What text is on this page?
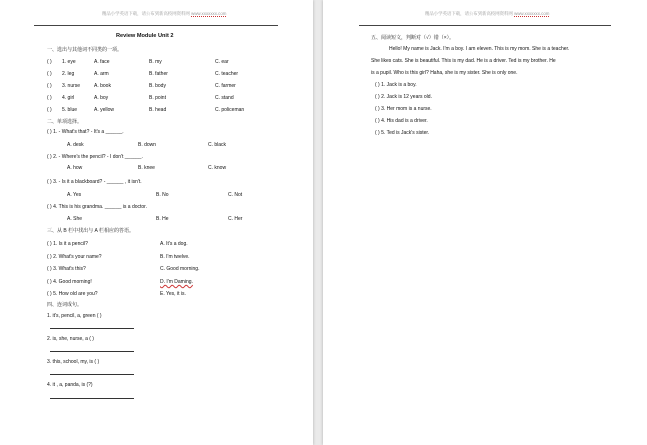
精品小学英语下载，请公布到新高校网资料网 www.xxxxxxx.com
Review Module Unit 2
一、选出与其他词不同类的一项。
( ) 1. eye	A. face	B. my	C. ear
( ) 2. leg	A. arm	B. father	C. teacher
( ) 3. nurse	A. book	B. body	C. farmer
( ) 4. girl	A. boy	B. point	C. stand
( ) 5. blue	A. yellow	B. head	C. policeman
二、单项选择。
( ) 1. - What's that? - It's a ______.
A. desk	B. down	C. black
( ) 2. - Where's the pencil? - I don't ______.
A. how	B. knee	C. know
( ) 3. - Is it a blackboard? - ______ , it isn't.
A. Yes	B. No	C. Not
( ) 4. This is his grandma. ______ is a doctor.
A. She	B. He	C. Her
三、从 B 栏中找出与 A 栏相应的答语。
( ) 1. Is it a pencil?	A. It's a dog.
( ) 2. What's your name?	B. I'm twelve.
( ) 3. What's this?	C. Good morning.
( ) 4. Good morning!	D. I'm Daming.
( ) 5. How old are you?	E. Yes, it is.
四、连词成句。
1. it's, pencil, a, green ( )
2. is, she, nurse, a ( )
3. this, school, my, is ( )
4. it , a, panda, is (?)
精品小学英语下载，请公布到新高校网资料网 www.xxxxxxx.com
五、阅读短文，判断对（√）错（×）。
Hello! My name is Jack. I'm a boy. I am eleven. This is my mom. She is a teacher.
She likes cats. She is beautiful. This is my dad. He is a driver. Ted is my brother. He
is a pupil. Who is this girl? Haha, she is my sister. She is only one.
( ) 1. Jack is a boy.
( ) 2. Jack is 12 years old.
( ) 3. Her mom is a nurse.
( ) 4. His dad is a driver.
( ) 5. Ted is Jack's sister.
